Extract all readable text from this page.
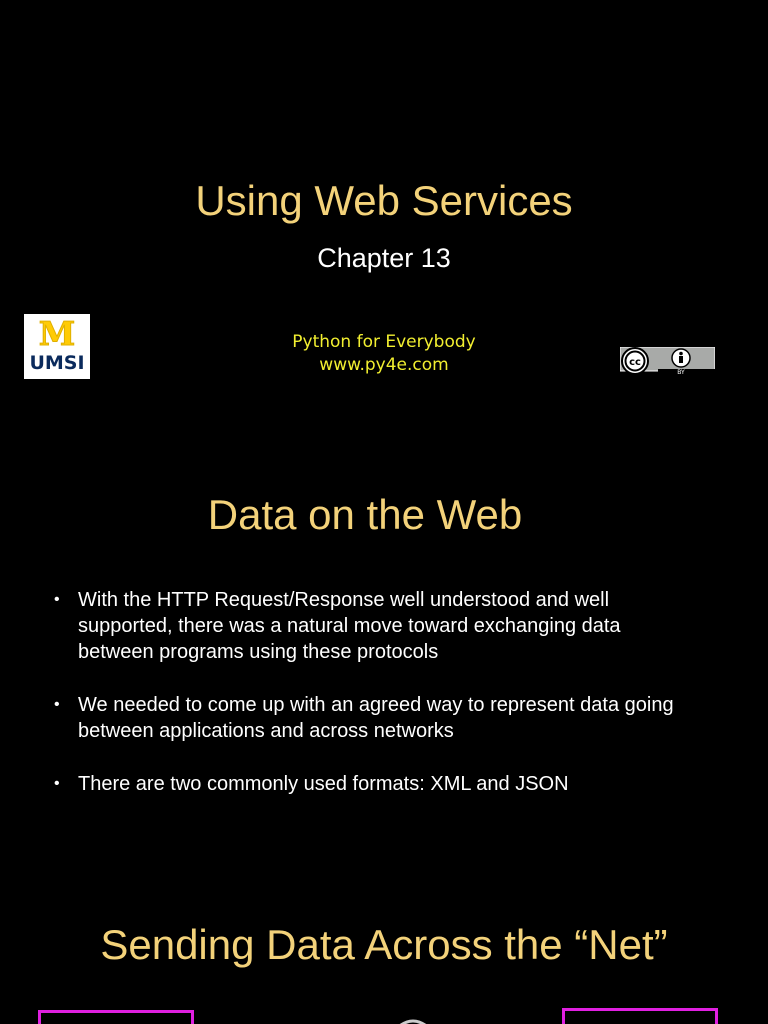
Using Web Services
Chapter 13
M
UMSI
Python for Everybody
www.py4e.com	cc
BY
Data on the Web
• With the HTTP Request/Response well understood and well supported, there was a natural move toward exchanging data between programs using these protocols
• We needed to come up with an agreed way to represent data going between applications and across networks
• There are two commonly used formats: XML and JSON
Sending Data Across the “Net”
